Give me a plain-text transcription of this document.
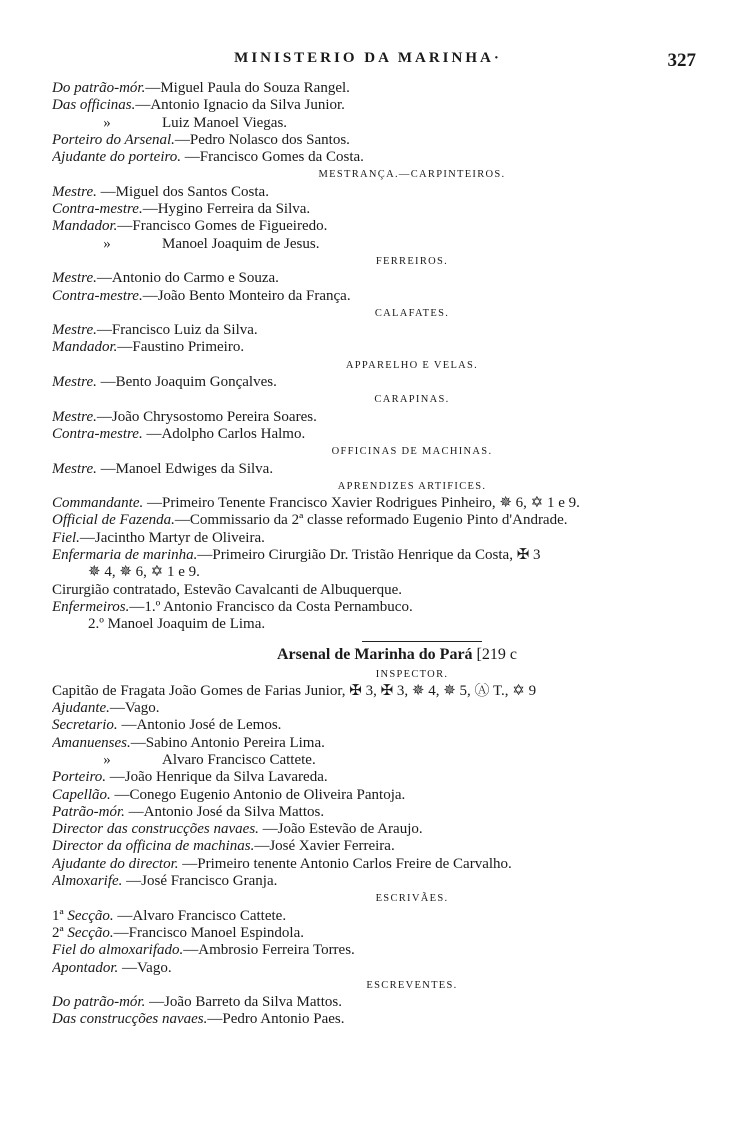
MINISTERIO DA MARINHA·	327
Do patrão-mór.—Miguel Paula do Souza Rangel.
Das officinas.—Antonio Ignacio da Silva Junior.
»	Luiz Manoel Viegas.
Porteiro do Arsenal.—Pedro Nolasco dos Santos.
Ajudante do porteiro. —Francisco Gomes da Costa.
MESTRANÇA.—CARPINTEIROS.
Mestre. —Miguel dos Santos Costa.
Contra-mestre.—Hygino Ferreira da Silva.
Mandador.—Francisco Gomes de Figueiredo.
»	Manoel Joaquim de Jesus.
FERREIROS.
Mestre.—Antonio do Carmo e Souza.
Contra-mestre.—João Bento Monteiro da França.
CALAFATES.
Mestre.—Francisco Luiz da Silva.
Mandador.—Faustino Primeiro.
APPARELHO E VELAS.
Mestre. —Bento Joaquim Gonçalves.
CARAPINAS.
Mestre.—João Chrysostomo Pereira Soares.
Contra-mestre. —Adolpho Carlos Halmo.
OFFICINAS DE MACHINAS.
Mestre. —Manoel Edwiges da Silva.
APRENDIZES ARTIFICES.
Commandante. —Primeiro Tenente Francisco Xavier Rodrigues Pinheiro, ✵ 6, ✡ 1 e 9.
Official de Fazenda.—Commissario da 2ª classe reformado Eugenio Pinto d'Andrade.
Fiel.—Jacintho Martyr de Oliveira.
Enfermaria de marinha.—Primeiro Cirurgião Dr. Tristão Henrique da Costa, ✠ 3
✵ 4, ✵ 6, ✡ 1 e 9.
Cirurgião contratado, Estevão Cavalcanti de Albuquerque.
Enfermeiros.—1.º Antonio Francisco da Costa Pernambuco.
2.º Manoel Joaquim de Lima.
Arsenal de Marinha do Pará [219 c
INSPECTOR.
Capitão de Fragata João Gomes de Farias Junior, ✠ 3, ✠ 3, ✵ 4, ✵ 5, Ⓐ T., ✡ 9
Ajudante.—Vago.
Secretario. —Antonio José de Lemos.
Amanuenses.—Sabino Antonio Pereira Lima.
»	Alvaro Francisco Cattete.
Porteiro. —João Henrique da Silva Lavareda.
Capellão. —Conego Eugenio Antonio de Oliveira Pantoja.
Patrão-mór. —Antonio José da Silva Mattos.
Director das construcções navaes. —João Estevão de Araujo.
Director da officina de machinas.—José Xavier Ferreira.
Ajudante do director. —Primeiro tenente Antonio Carlos Freire de Carvalho.
Almoxarife. —José Francisco Granja.
ESCRIVÃES.
1ª Secção. —Alvaro Francisco Cattete.
2ª Secção.—Francisco Manoel Espindola.
Fiel do almoxarifado.—Ambrosio Ferreira Torres.
Apontador. —Vago.
ESCREVENTES.
Do patrão-mór. —João Barreto da Silva Mattos.
Das construcções navaes.—Pedro Antonio Paes.
